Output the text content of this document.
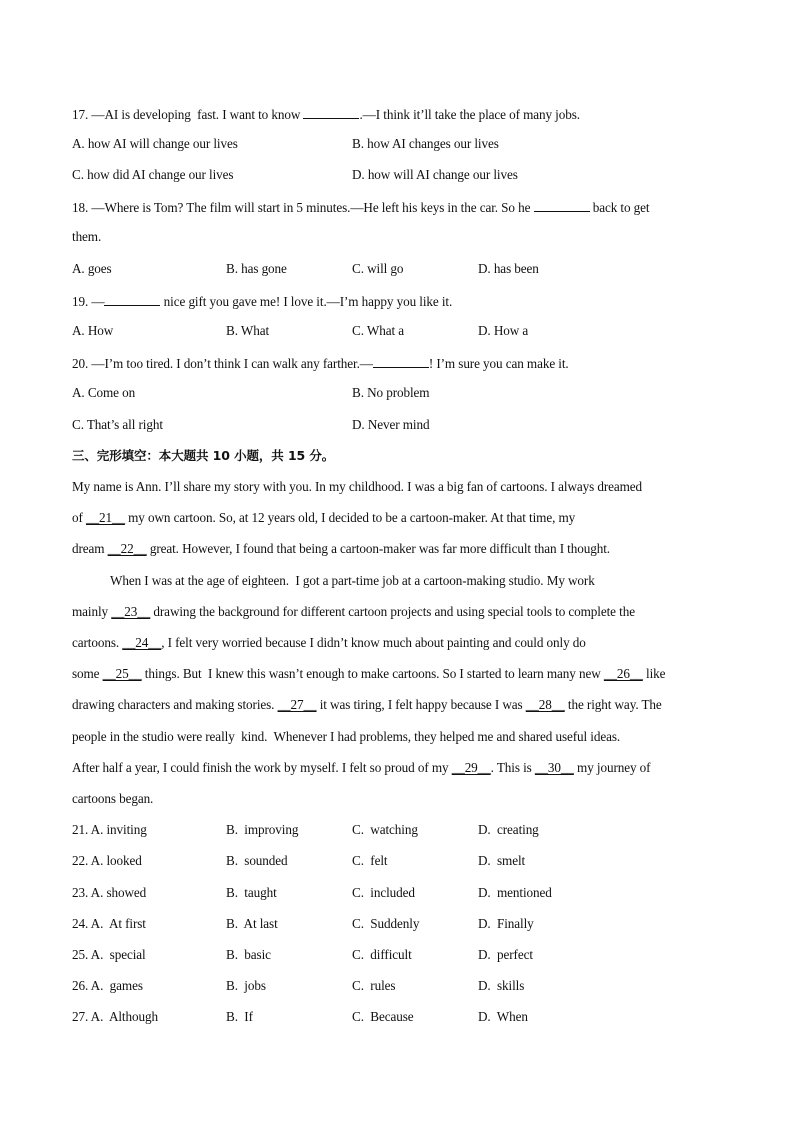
17. —AI is developing  fast. I want to know	.—I think it’ll take the place of many jobs.
A. how AI will change our lives	B. how AI changes our lives
C. how did AI change our lives	D. how will AI change our lives
18. —Where is Tom? The film will start in 5 minutes.—He left his keys in the car. So he	back to get
them.
A. goes	B. has gone	C. will go	D. has been
19. —	nice gift you gave me! I love it.—I’m happy you like it.
A. How	B. What	C. What a	D. How a
20. —I’m too tired. I don’t think I can walk any farther.—	! I’m sure you can make it.
A. Come on	B. No problem
C. That’s all right	D. Never mind
三、完形填空：本大题共 10 小题，共 15 分。
My name is Ann. I’ll share my story with you. In my childhood. I was a big fan of cartoons. I always dreamed
of __21__ my own cartoon. So, at 12 years old, I decided to be a cartoon-maker. At that time, my
dream __22__ great. However, I found that being a cartoon-maker was far more difficult than I thought.
When I was at the age of eighteen.  I got a part-time job at a cartoon-making studio. My work
mainly __23__ drawing the background for different cartoon projects and using special tools to complete the
cartoons. __24__, I felt very worried because I didn’t know much about painting and could only do
some __25__ things. But  I knew this wasn’t enough to make cartoons. So I started to learn many new __26__ like
drawing characters and making stories. __27__ it was tiring, I felt happy because I was __28__ the right way. The
people in the studio were really  kind.  Whenever I had problems, they helped me and shared useful ideas.
After half a year, I could finish the work by myself. I felt so proud of my __29__. This is __30__ my journey of
cartoons began.
21. A. inviting	B.  improving	C.  watching	D.  creating
22. A. looked	B.  sounded	C.  felt	D.  smelt
23. A. showed	B.  taught	C.  included	D.  mentioned
24. A.  At first	B.  At last	C.  Suddenly	D.  Finally
25. A.  special	B.  basic	C.  difficult	D.  perfect
26. A.  games	B.  jobs	C.  rules	D.  skills
27. A.  Although	B.  If	C.  Because	D.  When
